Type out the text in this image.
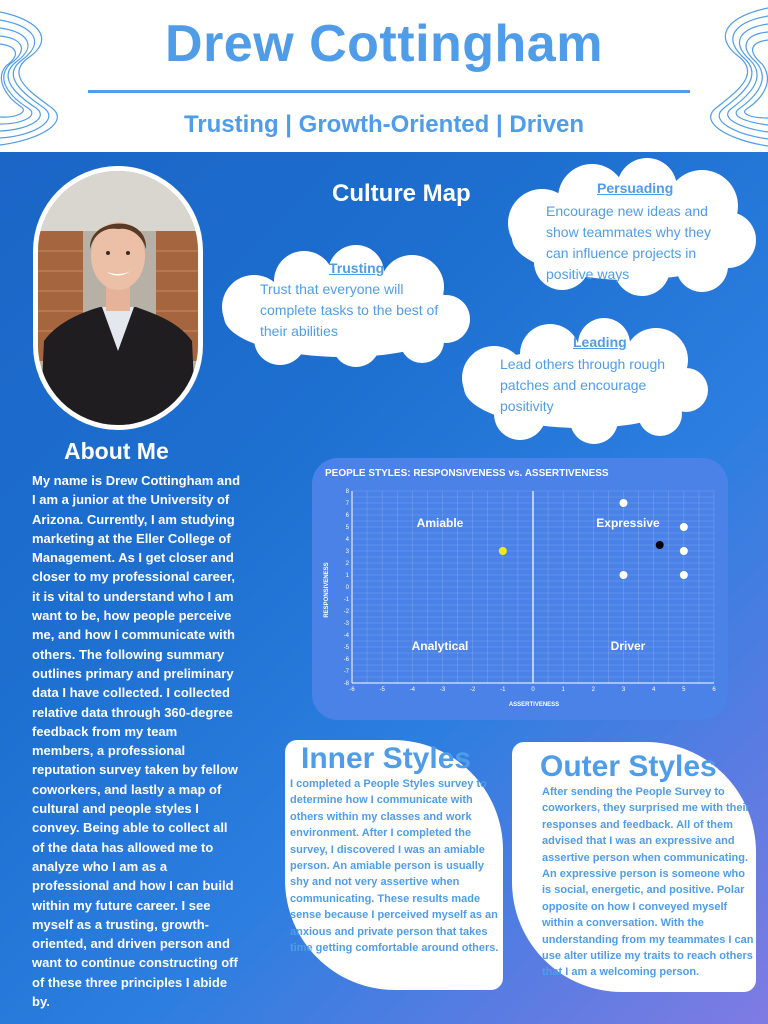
Drew Cottingham
Trusting | Growth-Oriented | Driven
About Me
My name is Drew Cottingham and I am a junior at the University of Arizona. Currently, I am studying marketing at the Eller College of Management. As I get closer and closer to my professional career, it is vital to understand who I am want to be, how people perceive me, and how I communicate with others. The following summary outlines primary and preliminary data I have collected. I collected relative data through 360-degree feedback from my team members, a professional reputation survey taken by fellow coworkers, and lastly a map of cultural and people styles I convey. Being able to collect all of the data has allowed me to analyze who I am as a professional and how I can build within my future career. I see myself as a trusting, growth-oriented, and driven person and want to continue constructing off of these three principles I abide by.
Culture Map	Persuading
Encourage new ideas and show teammates why they can influence projects in positive ways
Trusting
Trust that everyone will complete tasks to the best of their abilities
Leading
Lead others through rough patches and encourage positivity
PEOPLE STYLES: RESPONSIVENESS vs. ASSERTIVENESS
-6	-5	-4	-3	-2	-1	0	1	2	3	4	5	6
-8
-7
-6
-5
-4
-3
-2
-1
0
1
2
3
4
5
6
7
8
Amiable	Expressive
Analytical	Driver
ASSERTIVENESS
RESPONSIVENESS
Inner Styles
I completed a People Styles survey to determine how I communicate with others within my classes and work environment. After I completed the survey, I discovered I was an amiable person. An amiable person is usually shy and not very assertive when communicating. These results made sense because I perceived myself as an anxious and private person that takes time getting comfortable around others.
Outer Styles
After sending the People Survey to coworkers, they surprised me with their responses and feedback. All of them advised that I was an expressive and assertive person when communicating. An expressive person is someone who is social, energetic, and positive. Polar opposite on how I conveyed myself within a conversation. With the understanding from my teammates I can use alter utilize my traits to reach others that I am a welcoming person.
